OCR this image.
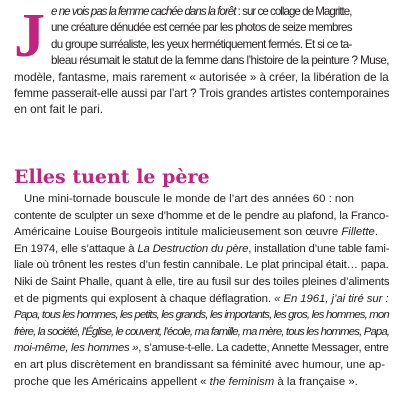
J e ne vois pas la femme cachée dans la forêt : sur ce collage de Magritte,
une créature dénudée est cernée par les photos de seize membres
du groupe surréaliste, les yeux hermétiquement fermés. Et si ce ta-
bleau résumait le statut de la femme dans l’histoire de la peinture ? Muse,
modèle, fantasme, mais rarement « autorisée » à créer, la libération de la
femme passerait-elle aussi par l’art ? Trois grandes artistes contemporaines
en ont fait le pari.
Elles tuent le père
Une mini-tornade bouscule le monde de l’art des années 60 : non
contente de sculpter un sexe d’homme et de le pendre au plafond, la Franco-
Américaine Louise Bourgeois intitule malicieusement son œuvre Fillette.
En 1974, elle s’attaque à La Destruction du père, installation d’une table fami-
liale où trônent les restes d’un festin cannibale. Le plat principal était… papa.
Niki de Saint Phalle, quant à elle, tire au fusil sur des toiles pleines d’aliments
et de pigments qui explosent à chaque déflagration. « En 1961, j’ai tiré sur :
Papa, tous les hommes, les petits, les grands, les importants, les gros, les hommes, mon
frère, la société, l’Église, le couvent, l’école, ma famille, ma mère, tous les hommes, Papa,
moi-même, les hommes », s’amuse-t-elle. La cadette, Annette Messager, entre
en art plus discrètement en brandissant sa féminité avec humour, une ap-
proche que les Américains appellent « the feminism à la française ».
